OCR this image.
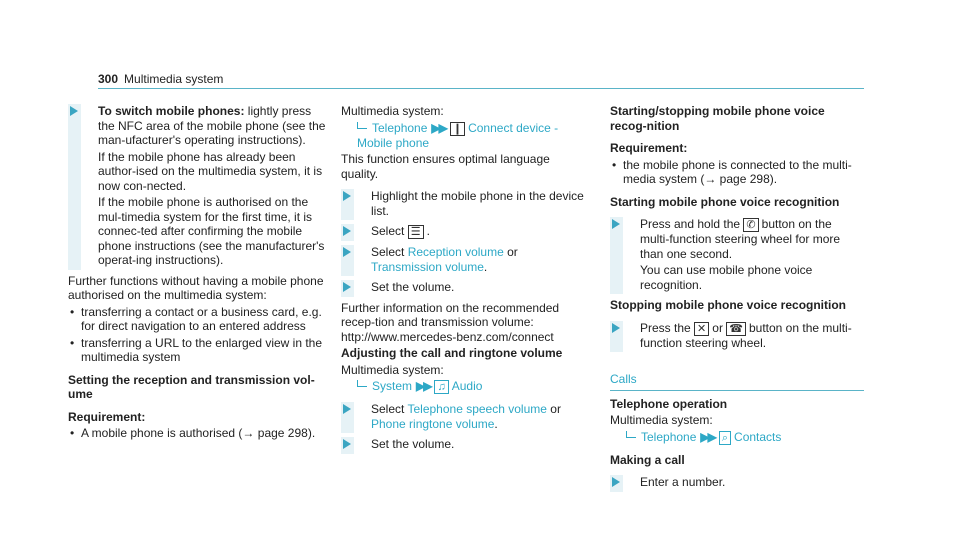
300 Multimedia system

To switch mobile phones: lightly press the NFC area of the mobile phone (see the man-ufacturer's operating instructions).

If the mobile phone has already been author-ised on the multimedia system, it is now con-nected.

If the mobile phone is authorised on the mul-timedia system for the first time, it is connec-ted after confirming the mobile phone instructions (see the manufacturer's operat-ing instructions).

Further functions without having a mobile phone authorised on the multimedia system:

• transferring a contact or a business card, e.g. for direct navigation to an entered address
• transferring a URL to the enlarged view in the multimedia system

Setting the reception and transmission vol-ume

Requirement:

• A mobile phone is authorised (→ page 298).

Multimedia system:

Telephone ▶▶ ❙ Connect device - Mobile phone

This function ensures optimal language quality.

Highlight the mobile phone in the device list.

Select ☰ .

Select Reception volume or Transmission volume.

Set the volume.

Further information on the recommended recep-tion and transmission volume: http://www.mercedes-benz.com/connect

Adjusting the call and ringtone volume

Multimedia system:

System ▶▶ ♫ Audio

Select Telephone speech volume or Phone ringtone volume.

Set the volume.

Starting/stopping mobile phone voice recog-nition

Requirement:

• the mobile phone is connected to the multi-media system (→ page 298).

Starting mobile phone voice recognition

Press and hold the ✆ button on the multi-function steering wheel for more than one second.

You can use mobile phone voice recognition.

Stopping mobile phone voice recognition

Press the ✕ or ☎ button on the multi-function steering wheel.

Calls

Telephone operation

Multimedia system:

Telephone ▶▶ ⌕ Contacts

Making a call

Enter a number.
